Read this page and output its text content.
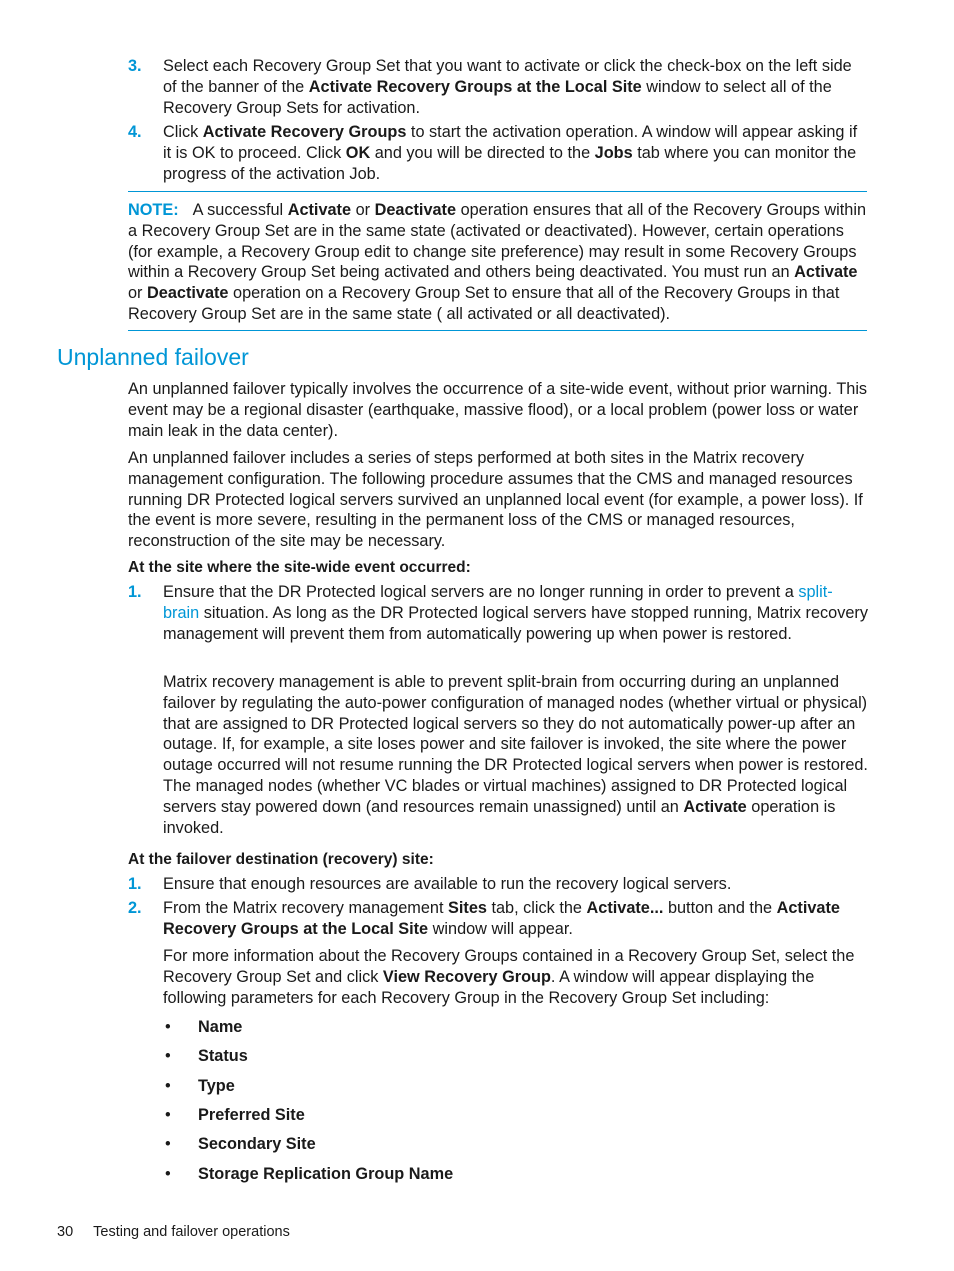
3. Select each Recovery Group Set that you want to activate or click the check-box on the left side of the banner of the Activate Recovery Groups at the Local Site window to select all of the Recovery Group Sets for activation.
4. Click Activate Recovery Groups to start the activation operation. A window will appear asking if it is OK to proceed. Click OK and you will be directed to the Jobs tab where you can monitor the progress of the activation Job.

NOTE: A successful Activate or Deactivate operation ensures that all of the Recovery Groups within a Recovery Group Set are in the same state (activated or deactivated). However, certain operations (for example, a Recovery Group edit to change site preference) may result in some Recovery Groups within a Recovery Group Set being activated and others being deactivated. You must run an Activate or Deactivate operation on a Recovery Group Set to ensure that all of the Recovery Groups in that Recovery Group Set are in the same state ( all activated or all deactivated).

Unplanned failover

An unplanned failover typically involves the occurrence of a site-wide event, without prior warning. This event may be a regional disaster (earthquake, massive flood), or a local problem (power loss or water main leak in the data center).

An unplanned failover includes a series of steps performed at both sites in the Matrix recovery management configuration. The following procedure assumes that the CMS and managed resources running DR Protected logical servers survived an unplanned local event (for example, a power loss). If the event is more severe, resulting in the permanent loss of the CMS or managed resources, reconstruction of the site may be necessary.

At the site where the site-wide event occurred:
1. Ensure that the DR Protected logical servers are no longer running in order to prevent a split-brain situation. As long as the DR Protected logical servers have stopped running, Matrix recovery management will prevent them from automatically powering up when power is restored.

Matrix recovery management is able to prevent split-brain from occurring during an unplanned failover by regulating the auto-power configuration of managed nodes (whether virtual or physical) that are assigned to DR Protected logical servers so they do not automatically power-up after an outage. If, for example, a site loses power and site failover is invoked, the site where the power outage occurred will not resume running the DR Protected logical servers when power is restored. The managed nodes (whether VC blades or virtual machines) assigned to DR Protected logical servers stay powered down (and resources remain unassigned) until an Activate operation is invoked.

At the failover destination (recovery) site:
1. Ensure that enough resources are available to run the recovery logical servers.
2. From the Matrix recovery management Sites tab, click the Activate... button and the Activate Recovery Groups at the Local Site window will appear.

For more information about the Recovery Groups contained in a Recovery Group Set, select the Recovery Group Set and click View Recovery Group. A window will appear displaying the following parameters for each Recovery Group in the Recovery Group Set including:

• Name
• Status
• Type
• Preferred Site
• Secondary Site
• Storage Replication Group Name
30 Testing and failover operations
